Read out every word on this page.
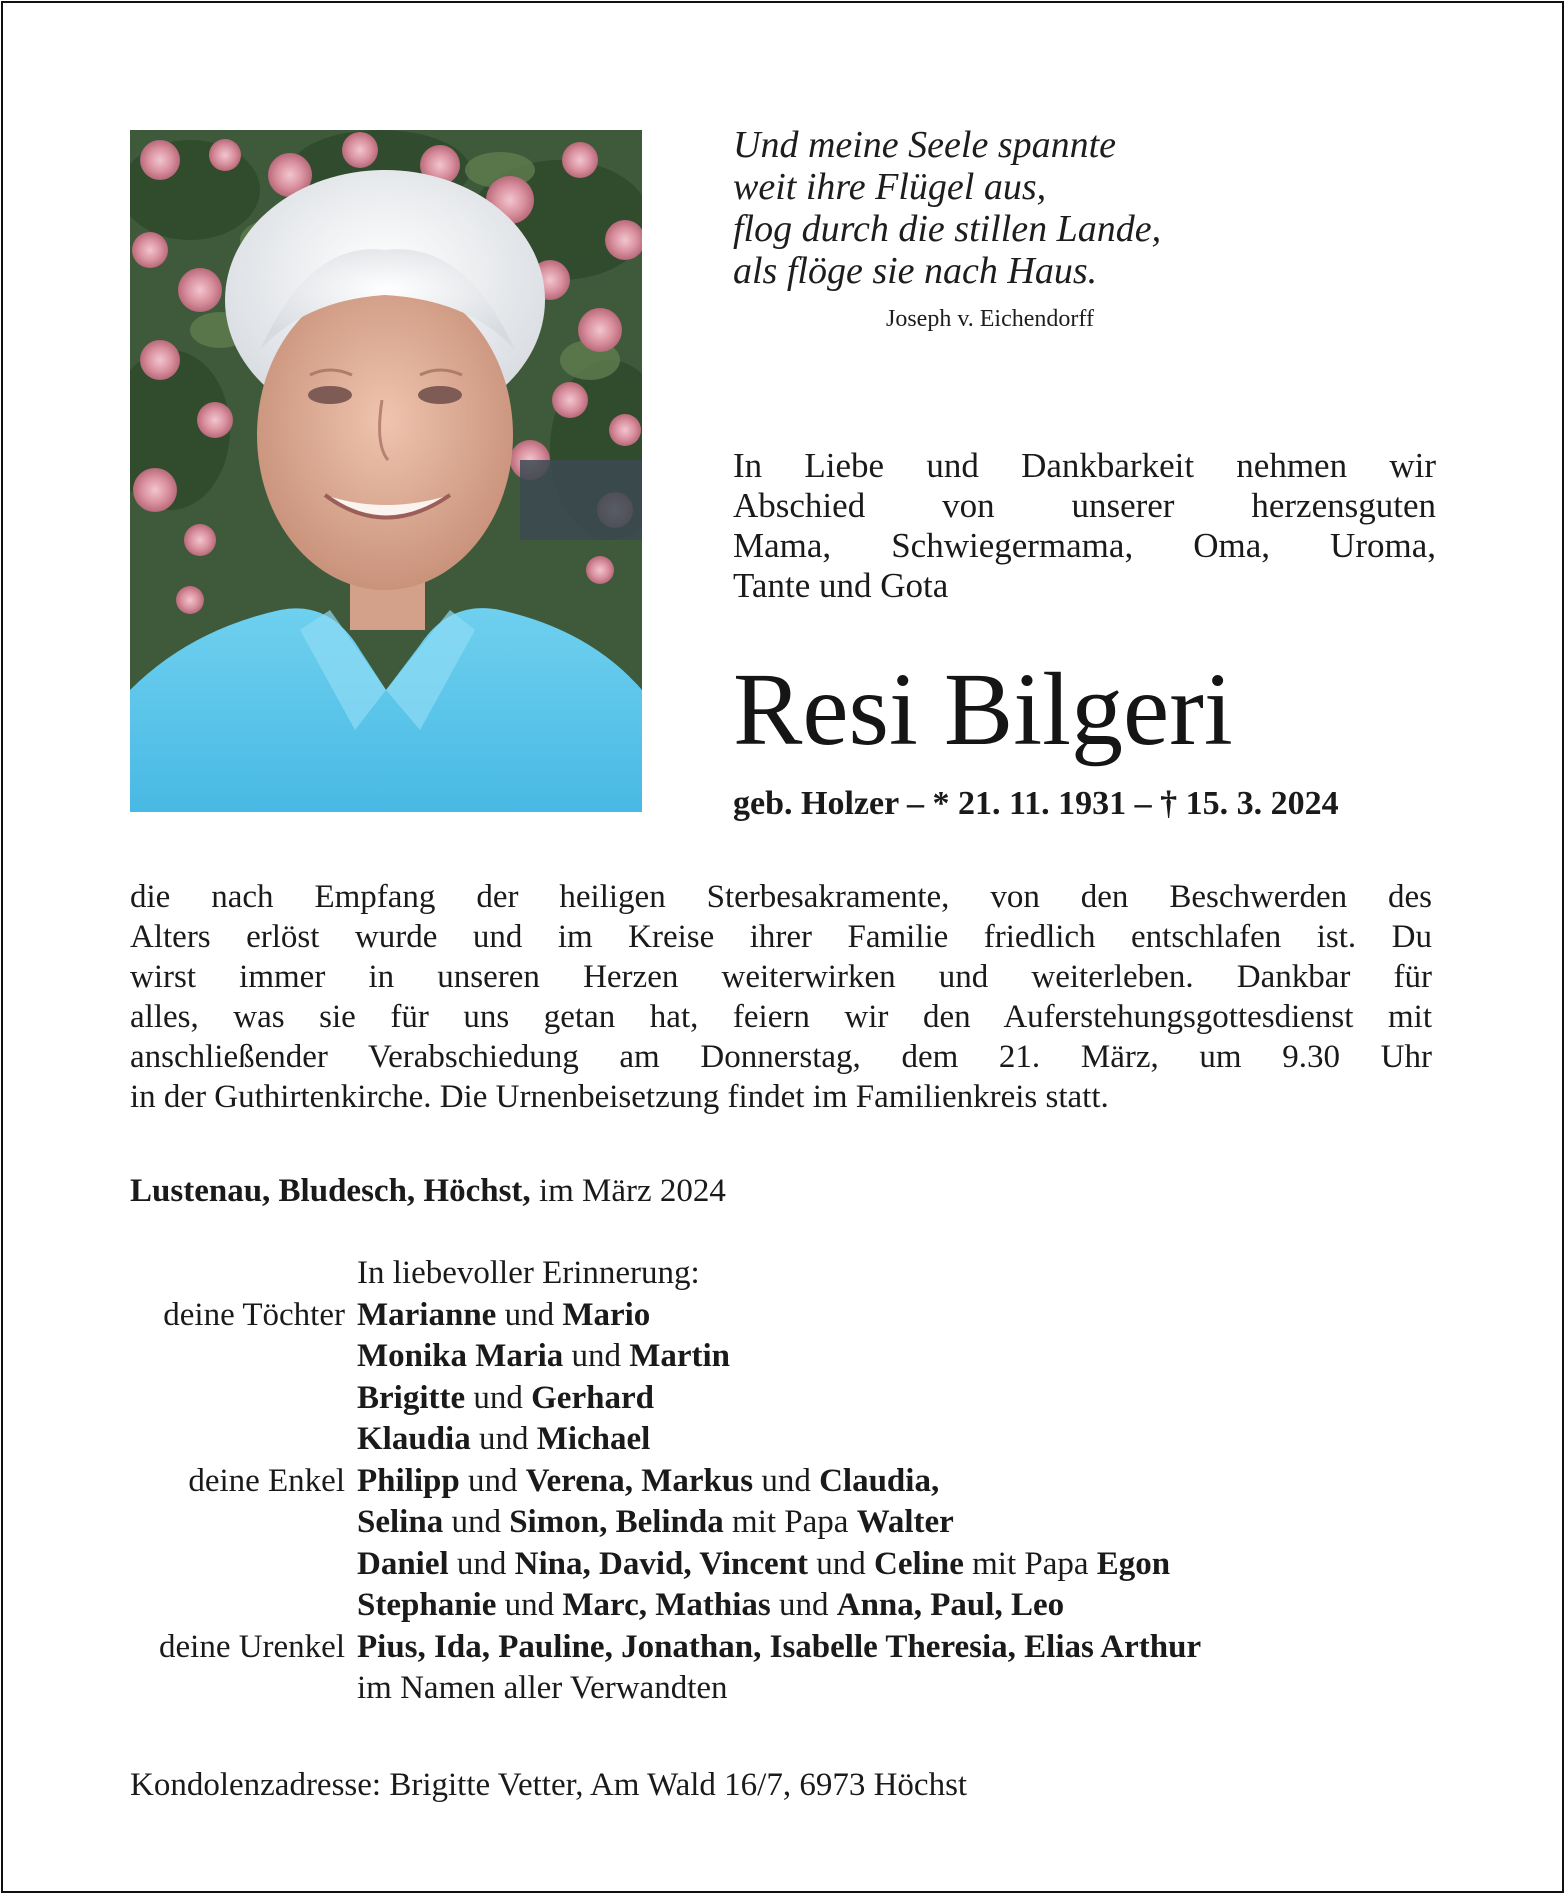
Und meine Seele spannte
weit ihre Flügel aus,
flog durch die stillen Lande,
als flöge sie nach Haus.
Joseph v. Eichendorff
In Liebe und Dankbarkeit nehmen wir
Abschied von unserer herzensguten
Mama, Schwiegermama, Oma, Uroma,
Tante und Gota
Resi Bilgeri
geb. Holzer – * 21. 11. 1931 – † 15. 3. 2024
die nach Empfang der heiligen Sterbesakramente, von den Beschwerden des
Alters erlöst wurde und im Kreise ihrer Familie friedlich entschlafen ist. Du
wirst immer in unseren Herzen weiterwirken und weiterleben. Dankbar für
alles, was sie für uns getan hat, feiern wir den Auferstehungsgottesdienst mit
anschließender Verabschiedung am Donnerstag, dem 21. März, um 9.30 Uhr
in der Guthirtenkirche. Die Urnenbeisetzung findet im Familienkreis statt.
Lustenau, Bludesch, Höchst, im März 2024
In liebevoller Erinnerung:
deine Töchter Marianne und Mario
Monika Maria und Martin
Brigitte und Gerhard
Klaudia und Michael
deine Enkel Philipp und Verena, Markus und Claudia,
Selina und Simon, Belinda mit Papa Walter
Daniel und Nina, David, Vincent und Celine mit Papa Egon
Stephanie und Marc, Mathias und Anna, Paul, Leo
deine Urenkel Pius, Ida, Pauline, Jonathan, Isabelle Theresia, Elias Arthur
im Namen aller Verwandten
Kondolenzadresse: Brigitte Vetter, Am Wald 16/7, 6973 Höchst
